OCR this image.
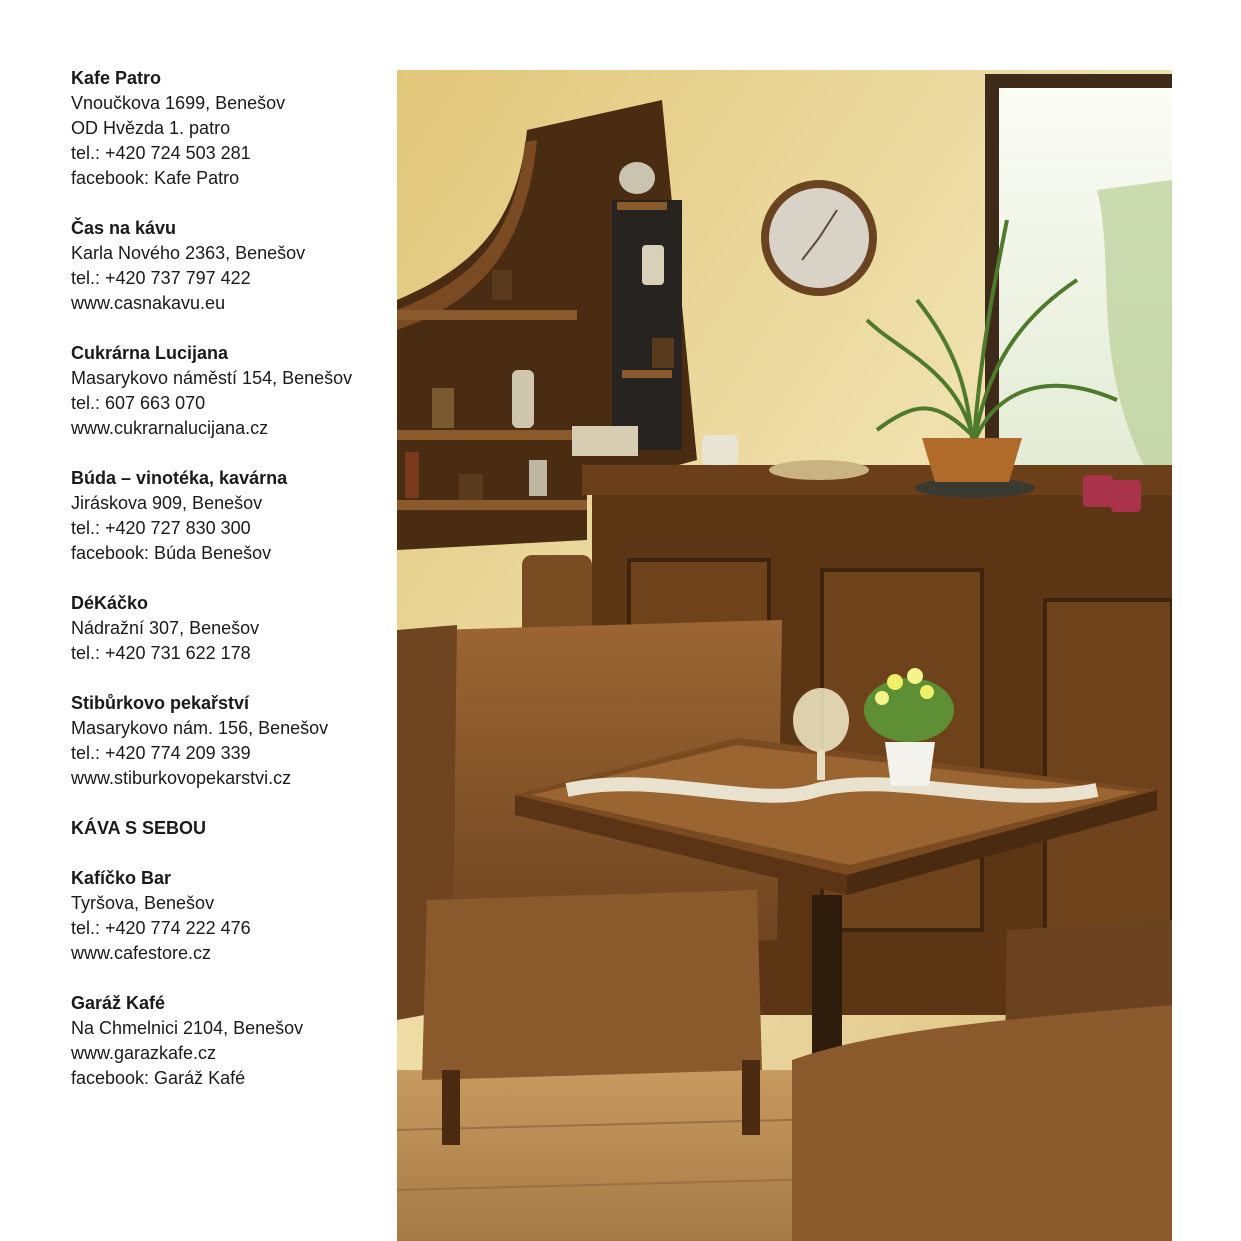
Kafe Patro
Vnoučkova 1699, Benešov
OD Hvězda 1. patro
tel.: +420 724 503 281
facebook: Kafe Patro
Čas na kávu
Karla Nového 2363, Benešov
tel.: +420 737 797 422
www.casnakavu.eu
Cukrárna Lucijana
Masarykovo náměstí 154, Benešov
tel.: 607 663 070
www.cukrarnalucijana.cz
Búda – vinotéka, kavárna
Jiráskova 909, Benešov
tel.: +420 727 830 300
facebook: Búda Benešov
DéKáčko
Nádražní 307, Benešov
tel.: +420 731 622 178
Stibůrkovo pekařství
Masarykovo nám. 156, Benešov
tel.: +420 774 209 339
www.stiburkovopekarstvi.cz
KÁVA S SEBOU
Kafíčko Bar
Tyršova, Benešov
tel.: +420 774 222 476
www.cafestore.cz
Garáž Kafé
Na Chmelnici 2104, Benešov
www.garazkafe.cz
facebook: Garáž Kafé
